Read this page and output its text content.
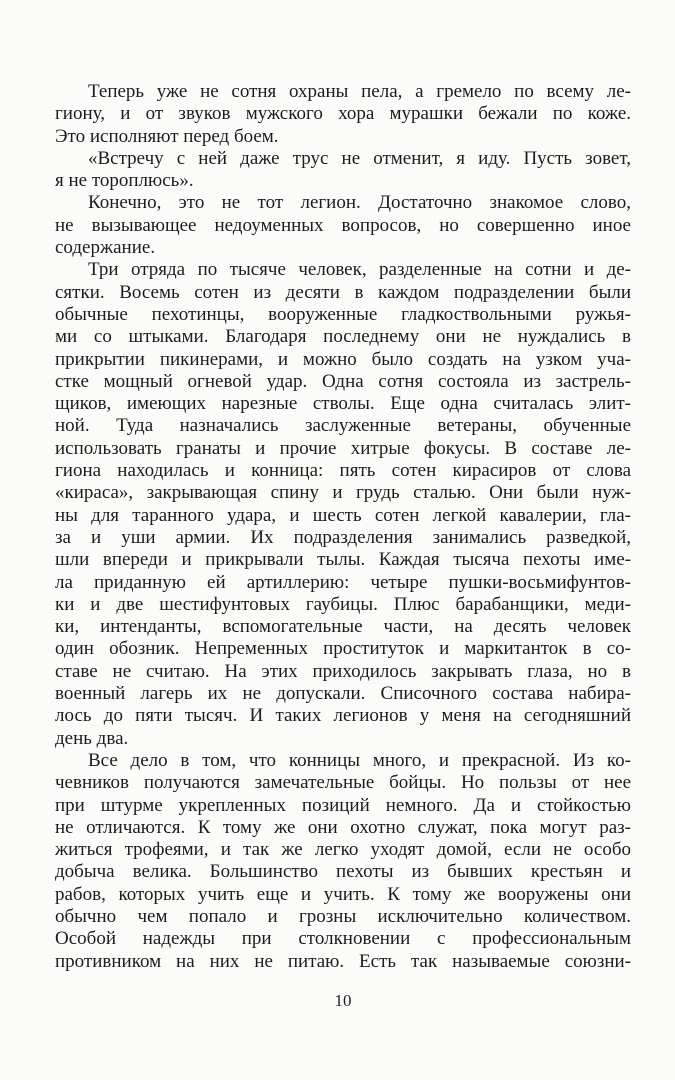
Теперь уже не сотня охраны пела, а гремело по всему ле-
гиону, и от звуков мужского хора мурашки бежали по коже.
Это исполняют перед боем.
«Встречу с ней даже трус не отменит, я иду. Пусть зовет,
я не тороплюсь».
Конечно, это не тот легион. Достаточно знакомое слово,
не вызывающее недоуменных вопросов, но совершенно иное
содержание.
Три отряда по тысяче человек, разделенные на сотни и де-
сятки. Восемь сотен из десяти в каждом подразделении были
обычные пехотинцы, вооруженные гладкоствольными ружья-
ми со штыками. Благодаря последнему они не нуждались в
прикрытии пикинерами, и можно было создать на узком уча-
стке мощный огневой удар. Одна сотня состояла из застрель-
щиков, имеющих нарезные стволы. Еще одна считалась элит-
ной. Туда назначались заслуженные ветераны, обученные
использовать гранаты и прочие хитрые фокусы. В составе ле-
гиона находилась и конница: пять сотен кирасиров от слова
«кираса», закрывающая спину и грудь сталью. Они были нуж-
ны для таранного удара, и шесть сотен легкой кавалерии, гла-
за и уши армии. Их подразделения занимались разведкой,
шли впереди и прикрывали тылы. Каждая тысяча пехоты име-
ла приданную ей артиллерию: четыре пушки-восьмифунтов-
ки и две шестифунтовых гаубицы. Плюс барабанщики, меди-
ки, интенданты, вспомогательные части, на десять человек
один обозник. Непременных проституток и маркитанток в со-
ставе не считаю. На этих приходилось закрывать глаза, но в
военный лагерь их не допускали. Списочного состава набира-
лось до пяти тысяч. И таких легионов у меня на сегодняшний
день два.
Все дело в том, что конницы много, и прекрасной. Из ко-
чевников получаются замечательные бойцы. Но пользы от нее
при штурме укрепленных позиций немного. Да и стойкостью
не отличаются. К тому же они охотно служат, пока могут раз-
житься трофеями, и так же легко уходят домой, если не особо
добыча велика. Большинство пехоты из бывших крестьян и
рабов, которых учить еще и учить. К тому же вооружены они
обычно чем попало и грозны исключительно количеством.
Особой надежды при столкновении с профессиональным
противником на них не питаю. Есть так называемые союзни-
10
